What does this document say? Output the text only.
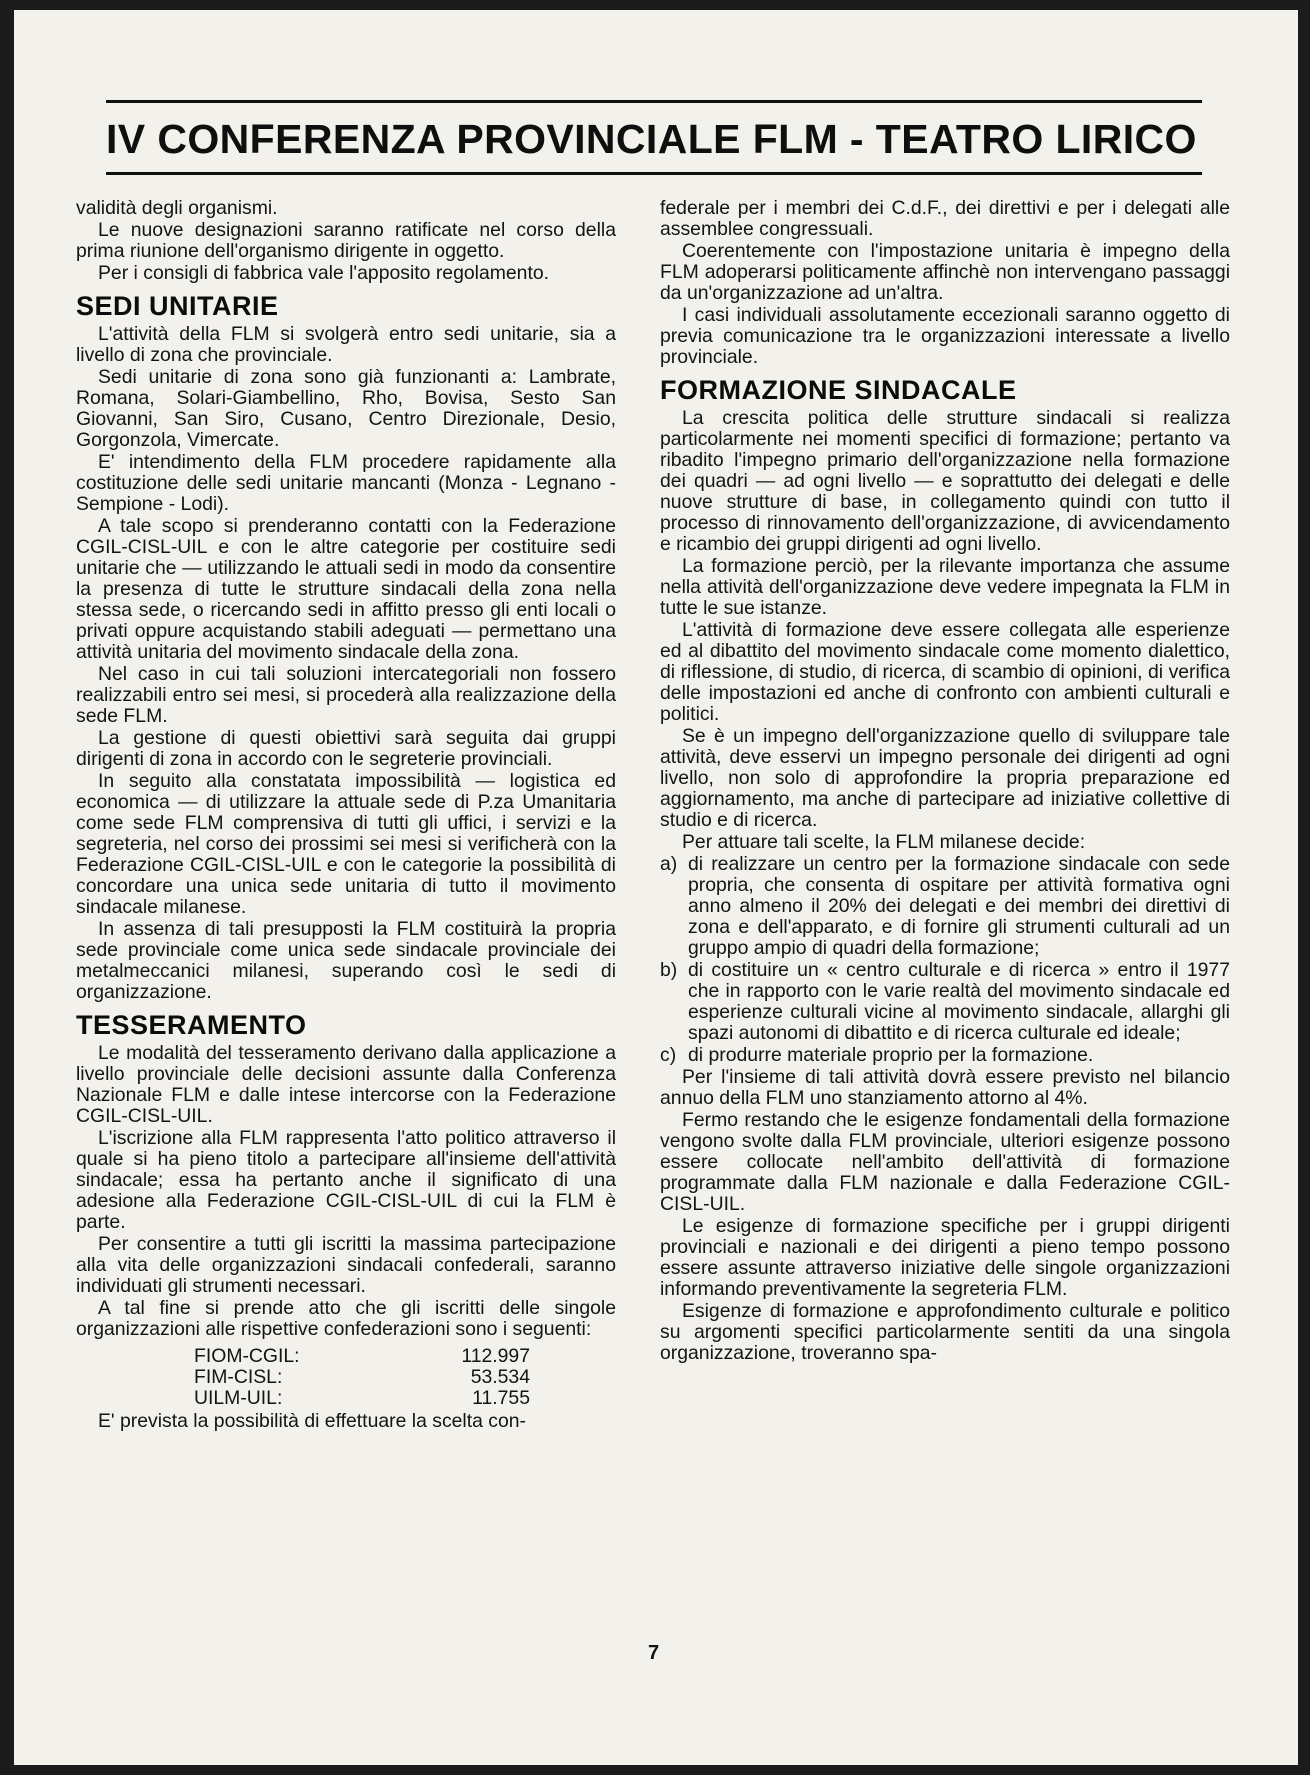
IV CONFERENZA PROVINCIALE FLM - TEATRO LIRICO

validità degli organismi.

Le nuove designazioni saranno ratificate nel corso della prima riunione dell'organismo dirigente in oggetto.

Per i consigli di fabbrica vale l'apposito regolamento.

SEDI UNITARIE

L'attività della FLM si svolgerà entro sedi unitarie, sia a livello di zona che provinciale.

Sedi unitarie di zona sono già funzionanti a: Lambrate, Romana, Solari-Giambellino, Rho, Bovisa, Sesto San Giovanni, San Siro, Cusano, Centro Direzionale, Desio, Gorgonzola, Vimercate.

E' intendimento della FLM procedere rapidamente alla costituzione delle sedi unitarie mancanti (Monza - Legnano - Sempione - Lodi).

A tale scopo si prenderanno contatti con la Federazione CGIL-CISL-UIL e con le altre categorie per costituire sedi unitarie che — utilizzando le attuali sedi in modo da consentire la presenza di tutte le strutture sindacali della zona nella stessa sede, o ricercando sedi in affitto presso gli enti locali o privati oppure acquistando stabili adeguati — permettano una attività unitaria del movimento sindacale della zona.

Nel caso in cui tali soluzioni intercategoriali non fossero realizzabili entro sei mesi, si procederà alla realizzazione della sede FLM.

La gestione di questi obiettivi sarà seguita dai gruppi dirigenti di zona in accordo con le segreterie provinciali.

In seguito alla constatata impossibilità — logistica ed economica — di utilizzare la attuale sede di P.za Umanitaria come sede FLM comprensiva di tutti gli uffici, i servizi e la segreteria, nel corso dei prossimi sei mesi si verificherà con la Federazione CGIL-CISL-UIL e con le categorie la possibilità di concordare una unica sede unitaria di tutto il movimento sindacale milanese.

In assenza di tali presupposti la FLM costituirà la propria sede provinciale come unica sede sindacale provinciale dei metalmeccanici milanesi, superando così le sedi di organizzazione.

TESSERAMENTO

Le modalità del tesseramento derivano dalla applicazione a livello provinciale delle decisioni assunte dalla Conferenza Nazionale FLM e dalle intese intercorse con la Federazione CGIL-CISL-UIL.

L'iscrizione alla FLM rappresenta l'atto politico attraverso il quale si ha pieno titolo a partecipare all'insieme dell'attività sindacale; essa ha pertanto anche il significato di una adesione alla Federazione CGIL-CISL-UIL di cui la FLM è parte.

Per consentire a tutti gli iscritti la massima partecipazione alla vita delle organizzazioni sindacali confederali, saranno individuati gli strumenti necessari.

A tal fine si prende atto che gli iscritti delle singole organizzazioni alle rispettive confederazioni sono i seguenti:

FIOM-CGIL:	112.997
FIM-CISL:	53.534
UILM-UIL:	11.755

E' prevista la possibilità di effettuare la scelta con-

7

federale per i membri dei C.d.F., dei direttivi e per i delegati alle assemblee congressuali.

Coerentemente con l'impostazione unitaria è impegno della FLM adoperarsi politicamente affinchè non intervengano passaggi da un'organizzazione ad un'altra.

I casi individuali assolutamente eccezionali saranno oggetto di previa comunicazione tra le organizzazioni interessate a livello provinciale.

FORMAZIONE SINDACALE

La crescita politica delle strutture sindacali si realizza particolarmente nei momenti specifici di formazione; pertanto va ribadito l'impegno primario dell'organizzazione nella formazione dei quadri — ad ogni livello — e soprattutto dei delegati e delle nuove strutture di base, in collegamento quindi con tutto il processo di rinnovamento dell'organizzazione, di avvicendamento e ricambio dei gruppi dirigenti ad ogni livello.

La formazione perciò, per la rilevante importanza che assume nella attività dell'organizzazione deve vedere impegnata la FLM in tutte le sue istanze.

L'attività di formazione deve essere collegata alle esperienze ed al dibattito del movimento sindacale come momento dialettico, di riflessione, di studio, di ricerca, di scambio di opinioni, di verifica delle impostazioni ed anche di confronto con ambienti culturali e politici.

Se è un impegno dell'organizzazione quello di sviluppare tale attività, deve esservi un impegno personale dei dirigenti ad ogni livello, non solo di approfondire la propria preparazione ed aggiornamento, ma anche di partecipare ad iniziative collettive di studio e di ricerca.

Per attuare tali scelte, la FLM milanese decide:

a) di realizzare un centro per la formazione sindacale con sede propria, che consenta di ospitare per attività formativa ogni anno almeno il 20% dei delegati e dei membri dei direttivi di zona e dell'apparato, e di fornire gli strumenti culturali ad un gruppo ampio di quadri della formazione;
b) di costituire un « centro culturale e di ricerca » entro il 1977 che in rapporto con le varie realtà del movimento sindacale ed esperienze culturali vicine al movimento sindacale, allarghi gli spazi autonomi di dibattito e di ricerca culturale ed ideale;
c) di produrre materiale proprio per la formazione.

Per l'insieme di tali attività dovrà essere previsto nel bilancio annuo della FLM uno stanziamento attorno al 4%.

Fermo restando che le esigenze fondamentali della formazione vengono svolte dalla FLM provinciale, ulteriori esigenze possono essere collocate nell'ambito dell'attività di formazione programmate dalla FLM nazionale e dalla Federazione CGIL-CISL-UIL.

Le esigenze di formazione specifiche per i gruppi dirigenti provinciali e nazionali e dei dirigenti a pieno tempo possono essere assunte attraverso iniziative delle singole organizzazioni informando preventivamente la segreteria FLM.

Esigenze di formazione e approfondimento culturale e politico su argomenti specifici particolarmente sentiti da una singola organizzazione, troveranno spa-
